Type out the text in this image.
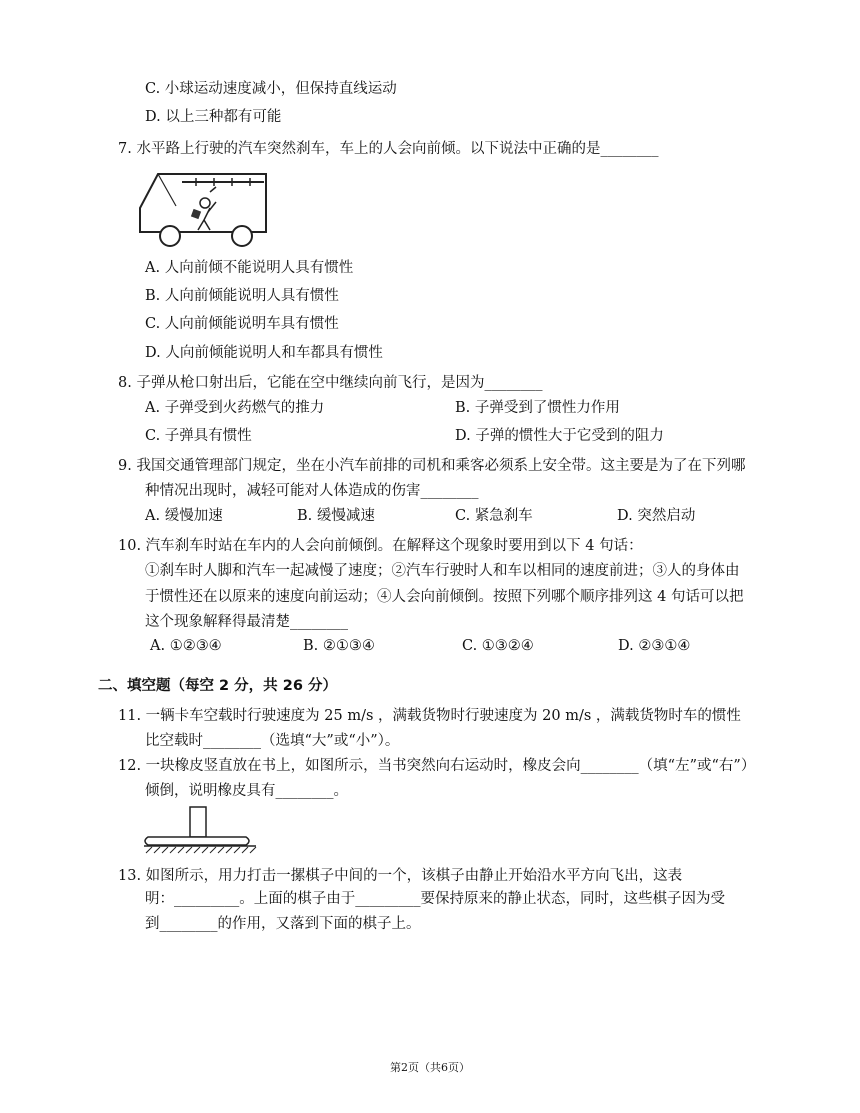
C. 小球运动速度减小，但保持直线运动
D. 以上三种都有可能
7. 水平路上行驶的汽车突然刹车，车上的人会向前倾。以下说法中正确的是________
A. 人向前倾不能说明人具有惯性
B. 人向前倾能说明人具有惯性
C. 人向前倾能说明车具有惯性
D. 人向前倾能说明人和车都具有惯性
8. 子弹从枪口射出后，它能在空中继续向前飞行，是因为________
A. 子弹受到火药燃气的推力	B. 子弹受到了惯性力作用
C. 子弹具有惯性	D. 子弹的惯性大于它受到的阻力
9. 我国交通管理部门规定，坐在小汽车前排的司机和乘客必须系上安全带。这主要是为了在下列哪
种情况出现时，减轻可能对人体造成的伤害________
A. 缓慢加速	B. 缓慢减速	C. 紧急刹车	D. 突然启动
10. 汽车刹车时站在车内的人会向前倾倒。在解释这个现象时要用到以下 4 句话：
①刹车时人脚和汽车一起减慢了速度；②汽车行驶时人和车以相同的速度前进；③人的身体由
于惯性还在以原来的速度向前运动；④人会向前倾倒。按照下列哪个顺序排列这 4 句话可以把
这个现象解释得最清楚________
A. ①②③④	B. ②①③④	C. ①③②④	D. ②③①④
二、填空题（每空 2 分，共 26 分）
11. 一辆卡车空载时行驶速度为 25 m/s ，满载货物时行驶速度为 20 m/s ，满载货物时车的惯性
比空载时________（选填“大”或“小”）。
12. 一块橡皮竖直放在书上，如图所示，当书突然向右运动时，橡皮会向________（填“左”或“右”）
倾倒，说明橡皮具有________。
13. 如图所示，用力打击一摞棋子中间的一个，该棋子由静止开始沿水平方向飞出，这表
明：_________。上面的棋子由于_________要保持原来的静止状态，同时，这些棋子因为受
到________的作用，又落到下面的棋子上。
第2页（共6页）
